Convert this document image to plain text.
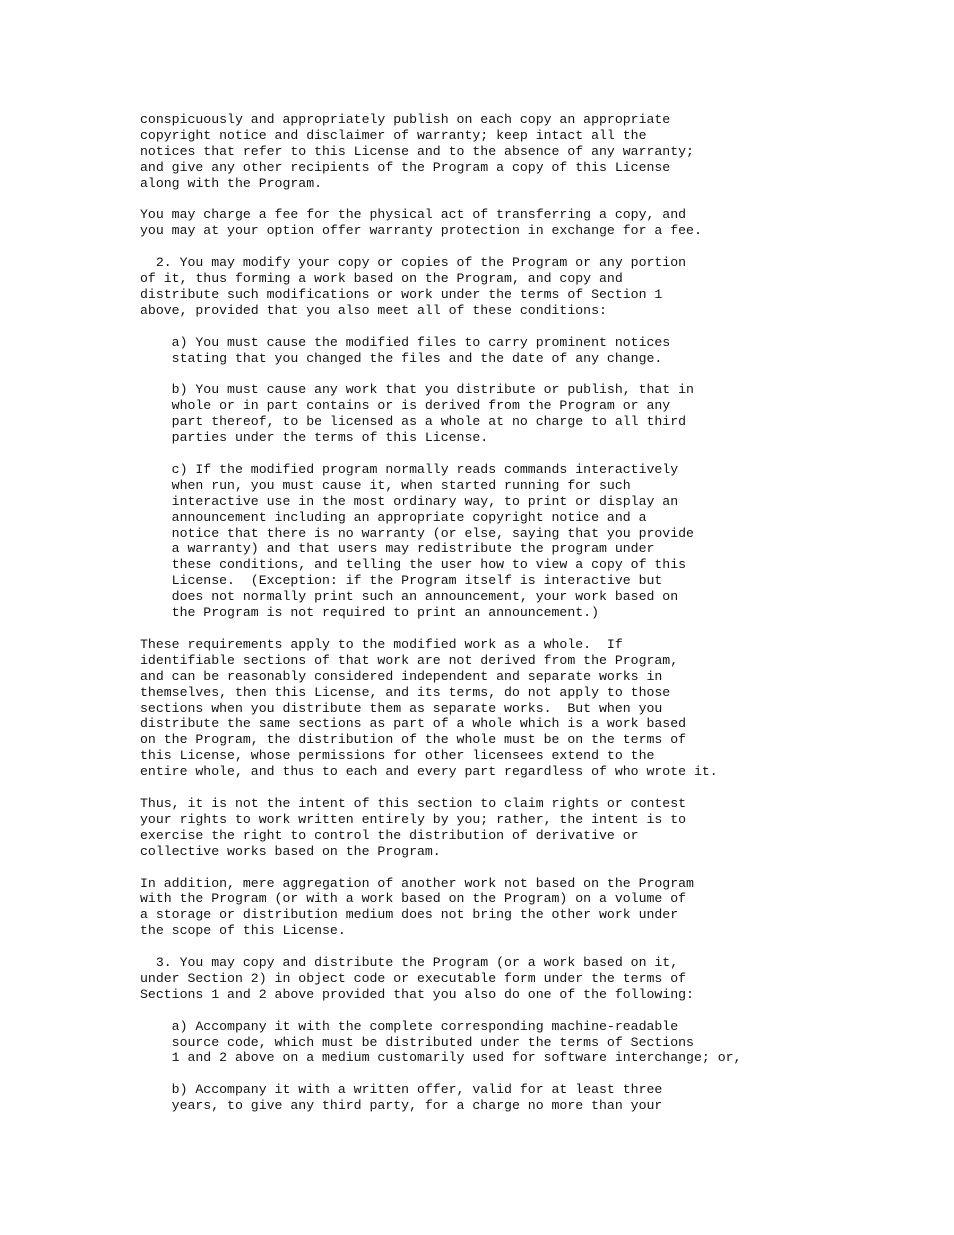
conspicuously and appropriately publish on each copy an appropriate
copyright notice and disclaimer of warranty; keep intact all the
notices that refer to this License and to the absence of any warranty;
and give any other recipients of the Program a copy of this License
along with the Program.
You may charge a fee for the physical act of transferring a copy, and
you may at your option offer warranty protection in exchange for a fee.
2. You may modify your copy or copies of the Program or any portion
of it, thus forming a work based on the Program, and copy and
distribute such modifications or work under the terms of Section 1
above, provided that you also meet all of these conditions:
a) You must cause the modified files to carry prominent notices
stating that you changed the files and the date of any change.
b) You must cause any work that you distribute or publish, that in
whole or in part contains or is derived from the Program or any
part thereof, to be licensed as a whole at no charge to all third
parties under the terms of this License.
c) If the modified program normally reads commands interactively
when run, you must cause it, when started running for such
interactive use in the most ordinary way, to print or display an
announcement including an appropriate copyright notice and a
notice that there is no warranty (or else, saying that you provide
a warranty) and that users may redistribute the program under
these conditions, and telling the user how to view a copy of this
License.  (Exception: if the Program itself is interactive but
does not normally print such an announcement, your work based on
the Program is not required to print an announcement.)
These requirements apply to the modified work as a whole.  If
identifiable sections of that work are not derived from the Program,
and can be reasonably considered independent and separate works in
themselves, then this License, and its terms, do not apply to those
sections when you distribute them as separate works.  But when you
distribute the same sections as part of a whole which is a work based
on the Program, the distribution of the whole must be on the terms of
this License, whose permissions for other licensees extend to the
entire whole, and thus to each and every part regardless of who wrote it.
Thus, it is not the intent of this section to claim rights or contest
your rights to work written entirely by you; rather, the intent is to
exercise the right to control the distribution of derivative or
collective works based on the Program.
In addition, mere aggregation of another work not based on the Program
with the Program (or with a work based on the Program) on a volume of
a storage or distribution medium does not bring the other work under
the scope of this License.
3. You may copy and distribute the Program (or a work based on it,
under Section 2) in object code or executable form under the terms of
Sections 1 and 2 above provided that you also do one of the following:
a) Accompany it with the complete corresponding machine-readable
source code, which must be distributed under the terms of Sections
1 and 2 above on a medium customarily used for software interchange; or,
b) Accompany it with a written offer, valid for at least three
years, to give any third party, for a charge no more than your
